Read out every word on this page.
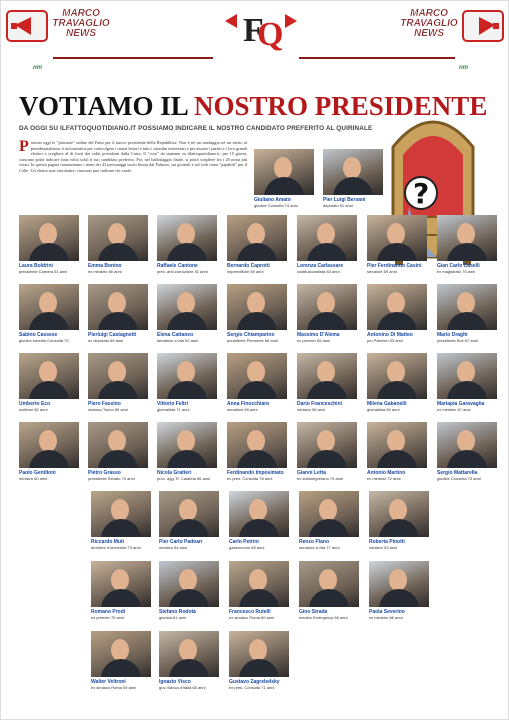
MARCO
TRAVAGLIO
NEWS	F
Q
MARCO
TRAVAGLIO
NEWS
nm	nm
VOTIAMO IL NOSTRO PRESIDENTE
DA OGGI SU ILFATTOQUOTIDIANO.IT POSSIAMO INDICARE IL NOSTRO CANDIDATO PREFERITO AL QUIRINALE
P artono oggi le "primarie" online del Fatto per il nuovo presidente della Repubblica. Non è né un sondaggio né un invito al presidenzialismo: è un'iniziativa per coinvolgere i nostri lettori e tutti i cittadini interessati e per aiutare i partiti e i loro grandi elettori a scegliere al di fuori dei soliti presidenti dalla Casta. Il "voto" da stamane su ilfattoquotidiano.it: per 10 giorni, ciascuno potrà indicare (una volta sola) il suo candidato preferito. Poi, nel ballottaggio finale, si potrà scegliere fra i 20 nomi più votati. In questa pagina riassumiamo i nomi dei 43 personaggi usciti finora dal Palazzo, sui giornali e sul web come "papabili" per il Colle. Un elenco non vincolante: ciascuno può indicare chi vuole.
?
Giuliano Amato
giudice Consulta 74 anni
Pier Luigi Bersani
deputato 61 anni
Laura Boldrini
presidente Camera 51 anni
Emma Bonino
ex ministro 66 anni
Raffaele Cantone
pres. anti-corruzione 51 anni
Bernardo Caprotti
imprenditore 89 anni
Lorenza Carlassare
costituzionalista 83 anni
Pier Ferdinando Casini
senatore 59 anni
Gian Carlo Caselli
ex magistrato 75 anni
Sabino Cassese
giudice emerito Consulta 79
Pierluigi Castagnetti
ex deputato 69 anni
Elena Cattaneo
senatrice a vita 52 anni
Sergio Chiamparino
presidente Piemonte 66 anni
Massimo D'Alema
ex premier 65 anni
Antonino Di Matteo
pm Palermo 53 anni
Mario Draghi
presidente Bce 67 anni
Umberto Eco
scrittore 82 anni
Piero Fassino
sindaco Torino 65 anni
Vittorio Feltri
giornalista 71 anni
Anna Finocchiaro
senatrice 69 anni
Dario Franceschini
ministro 56 anni
Milena Gabanelli
giornalista 60 anni
Mariapia Garavaglia
ex ministro 67 anni
Paolo Gentiloni
ministro 60 anni
Pietro Grasso
presidente Senato 70 anni
Nicola Gratteri
proc. agg. R. Calabria 56 anni
Ferdinando Imposimato
ex pres. Consulta 78 anni
Gianni Letta
ex sottosegretario 79 anni
Antonio Martino
ex ministro 72 anni
Sergio Mattarella
giudice Consulta 73 anni
Riccardo Muti
direttore d'orchestra 73 anni
Pier Carlo Padoan
ministro 64 anni
Carlo Petrini
gastronomo 65 anni
Renzo Piano
senatore a vita 77 anni
Roberta Pinotti
ministro 53 anni
Romano Prodi
ex premier 75 anni
Stefano Rodotà
giurista 81 anni
Francesco Rutelli
ex sindaco Roma 60 anni
Gino Strada
medico Emergency 66 anni
Paola Severino
ex ministro 66 anni
Walter Veltroni
ex sindaco Roma 59 anni
Ignazio Visco
gov. Banca d'Italia 65 anni
Gustavo Zagrebelsky
ex pres. Consulta 71 anni
